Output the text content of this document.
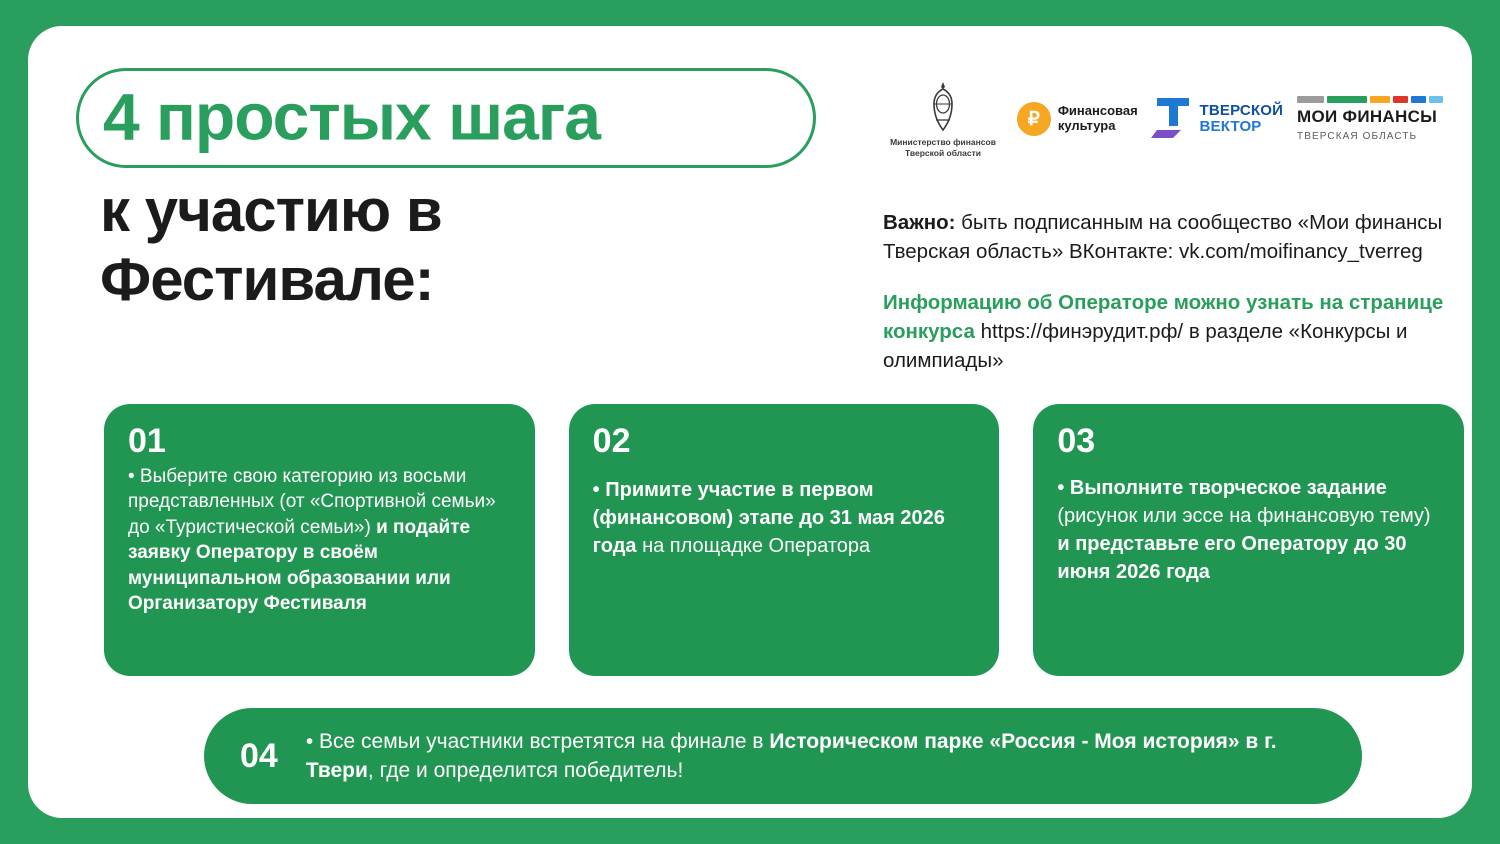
4 простых шага
к участию в
Фестивале:
Министерство финансов
Тверской области
₽	Финансовая
культура
ТВЕРСКОЙ
ВЕКТОР
МОИ ФИНАНСЫ
ТВЕРСКАЯ ОБЛАСТЬ

Важно: быть подписанным на сообщество «Мои финансы Тверская область» ВКонтакте: vk.com/moifinancy_tverreg

Информацию об Операторе можно узнать на странице конкурса https://финэрудит.рф/ в разделе «Конкурсы и олимпиады»

01
• Выберите свою категорию из восьми представленных (от «Спортивной семьи» до «Туристической семьи») и подайте заявку Оператору в своём муниципальном образовании или Организатору Фестиваля
02
• Примите участие в первом (финансовом) этапе до 31 мая 2026 года на площадке Оператора
03
• Выполните творческое задание (рисунок или эссе на финансовую тему) и представьте его Оператору до 30 июня 2026 года
04	• Все семьи участники встретятся на финале в Историческом парке «Россия - Моя история» в г. Твери, где и определится победитель!
